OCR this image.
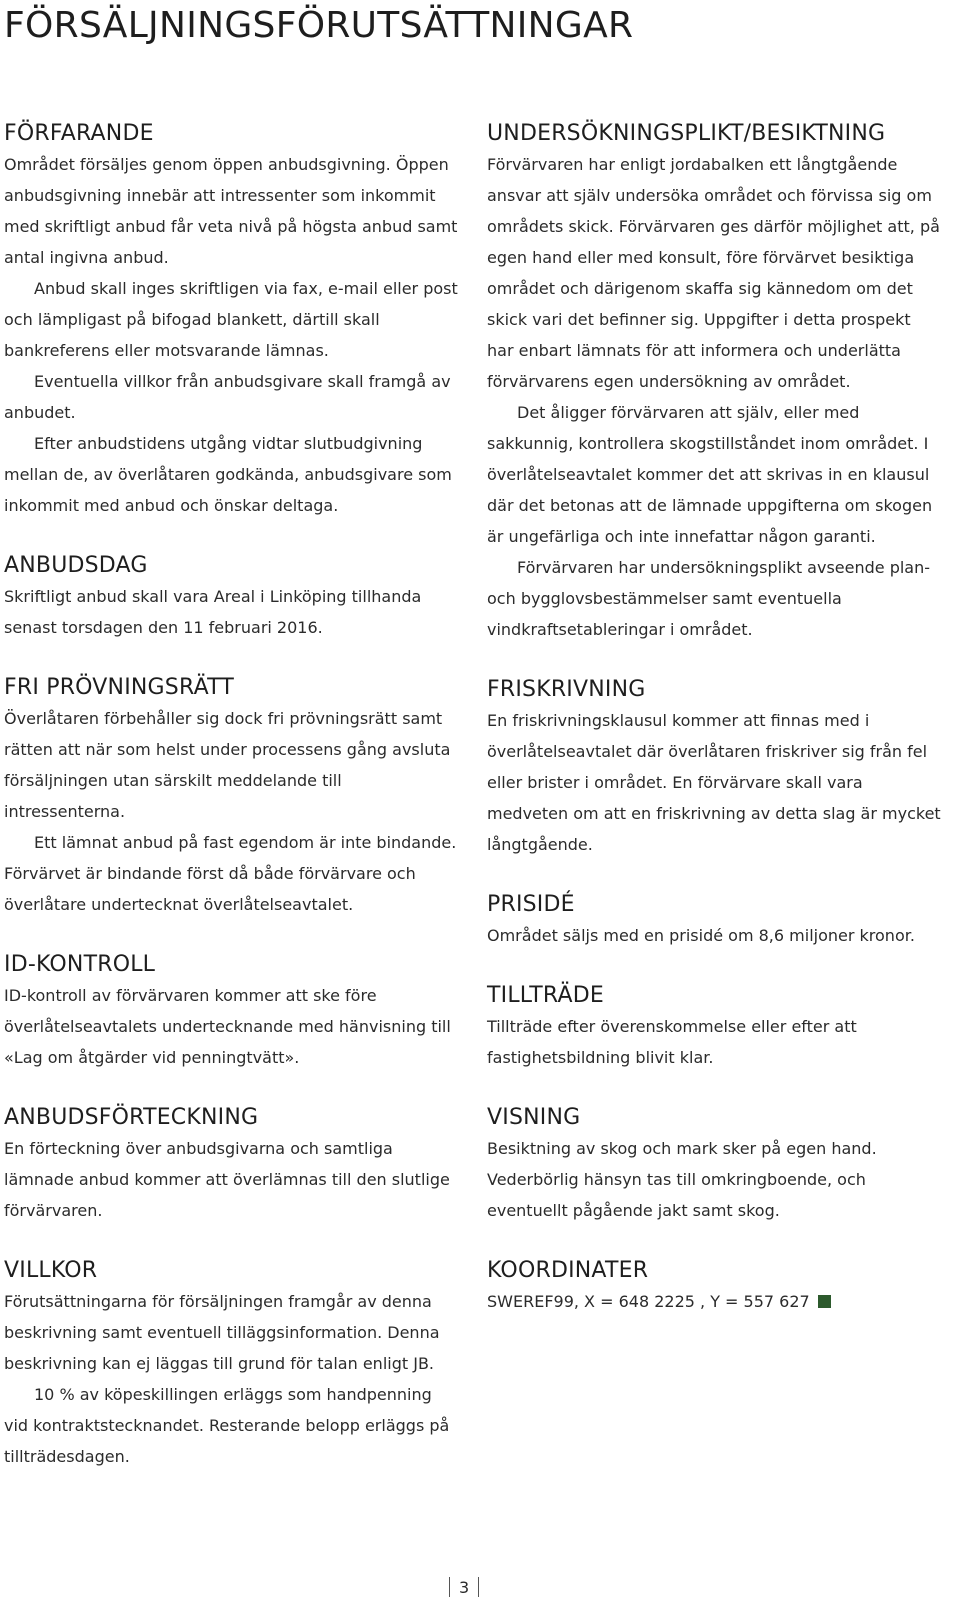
FÖRSÄLJNINGSFÖRUTSÄTTNINGAR
FÖRFARANDE

Området försäljes genom öppen anbudsgivning. Öppen anbudsgivning innebär att intressenter som inkommit med skriftligt anbud får veta nivå på högsta anbud samt antal ingivna anbud.

Anbud skall inges skriftligen via fax, e-mail eller post och lämpligast på bifogad blankett, därtill skall bankreferens eller motsvarande lämnas.

Eventuella villkor från anbudsgivare skall framgå av anbudet.

Efter anbudstidens utgång vidtar slutbudgivning mellan de, av överlåtaren godkända, anbudsgivare som inkommit med anbud och önskar deltaga.

ANBUDSDAG

Skriftligt anbud skall vara Areal i Linköping tillhanda senast torsdagen den 11 februari 2016.

FRI PRÖVNINGSRÄTT

Överlåtaren förbehåller sig dock fri prövningsrätt samt rätten att när som helst under processens gång avsluta försäljningen utan särskilt meddelande till intressenterna.

Ett lämnat anbud på fast egendom är inte bindande. Förvärvet är bindande först då både förvärvare och överlåtare undertecknat överlåtelseavtalet.

ID-KONTROLL

ID-kontroll av förvärvaren kommer att ske före överlåtelseavtalets undertecknande med hänvisning till «Lag om åtgärder vid penningtvätt».

ANBUDSFÖRTECKNING

En förteckning över anbudsgivarna och samtliga lämnade anbud kommer att överlämnas till den slutlige förvärvaren.

VILLKOR

Förutsättningarna för försäljningen framgår av denna beskrivning samt eventuell tilläggsinformation. Denna beskrivning kan ej läggas till grund för talan enligt JB.

10 % av köpeskillingen erläggs som handpenning vid kontraktstecknandet. Resterande belopp erläggs på tillträdesdagen.

UNDERSÖKNINGSPLIKT/BESIKTNING

Förvärvaren har enligt jordabalken ett långtgående ansvar att själv undersöka området och förvissa sig om områdets skick. Förvärvaren ges därför möjlighet att, på egen hand eller med konsult, före förvärvet besiktiga området och därigenom skaffa sig kännedom om det skick vari det befinner sig. Uppgifter i detta prospekt har enbart lämnats för att informera och underlätta förvärvarens egen undersökning av området.

Det åligger förvärvaren att själv, eller med sakkunnig, kontrollera skogstillståndet inom området. I överlåtelseavtalet kommer det att skrivas in en klausul där det betonas att de lämnade uppgifterna om skogen är ungefärliga och inte innefattar någon garanti.

Förvärvaren har undersökningsplikt avseende plan- och bygglovsbestämmelser samt eventuella vindkraftsetableringar i området.

FRISKRIVNING

En friskrivningsklausul kommer att finnas med i överlåtelseavtalet där överlåtaren friskriver sig från fel eller brister i området. En förvärvare skall vara medveten om att en friskrivning av detta slag är mycket långtgående.

PRISIDÉ

Området säljs med en prisidé om 8,6 miljoner kronor.

TILLTRÄDE

Tillträde efter överenskommelse eller efter att fastighetsbildning blivit klar.

VISNING

Besiktning av skog och mark sker på egen hand. Vederbörlig hänsyn tas till omkringboende, och eventuellt pågående jakt samt skog.

KOORDINATER

SWEREF99, X = 648 2225 , Y = 557 627

3
